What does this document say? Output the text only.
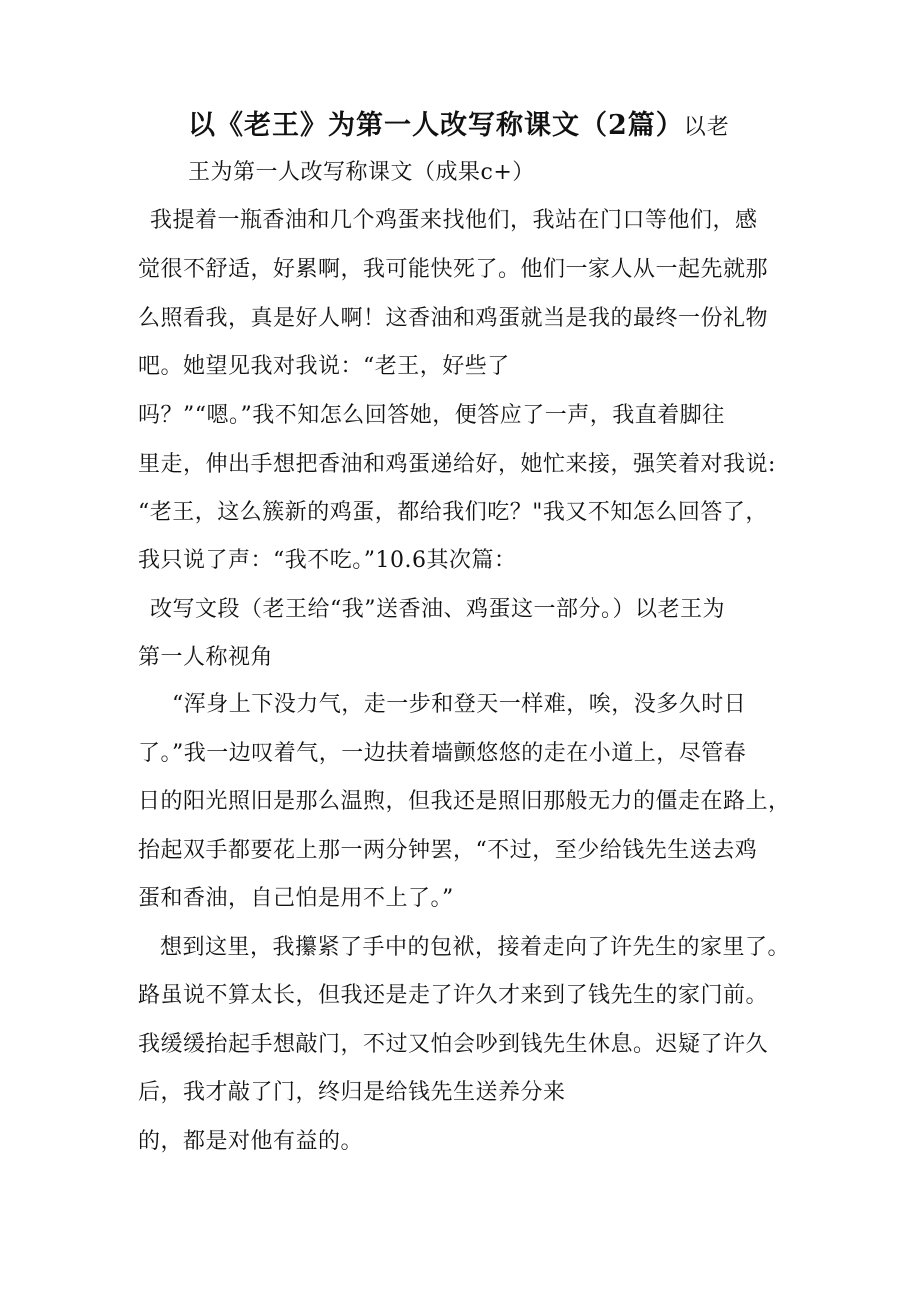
以《老王》为第一人改写称课文（2篇）以老
王为第一人改写称课文（成果c+）
我提着一瓶香油和几个鸡蛋来找他们，我站在门口等他们，感
觉很不舒适，好累啊，我可能快死了。他们一家人从一起先就那
么照看我，真是好人啊！这香油和鸡蛋就当是我的最终一份礼物
吧。她望见我对我说：“老王，好些了
吗？”“嗯。”我不知怎么回答她，便答应了一声，我直着脚往
里走，伸出手想把香油和鸡蛋递给好，她忙来接，强笑着对我说:
“老王，这么簇新的鸡蛋，都给我们吃？"我又不知怎么回答了，
我只说了声：“我不吃。”10.6其次篇：
改写文段（老王给“我”送香油、鸡蛋这一部分。）以老王为
第一人称视角
“浑身上下没力气，走一步和登天一样难，唉，没多久时日
了。”我一边叹着气，一边扶着墙颤悠悠的走在小道上，尽管春
日的阳光照旧是那么温煦，但我还是照旧那般无力的僵走在路上，
抬起双手都要花上那一两分钟罢，“不过，至少给钱先生送去鸡
蛋和香油，自己怕是用不上了。”
想到这里，我攥紧了手中的包袱，接着走向了许先生的家里了。
路虽说不算太长，但我还是走了许久才来到了钱先生的家门前。
我缓缓抬起手想敲门，不过又怕会吵到钱先生休息。迟疑了许久
后，我才敲了门，终归是给钱先生送养分来
的，都是对他有益的。
